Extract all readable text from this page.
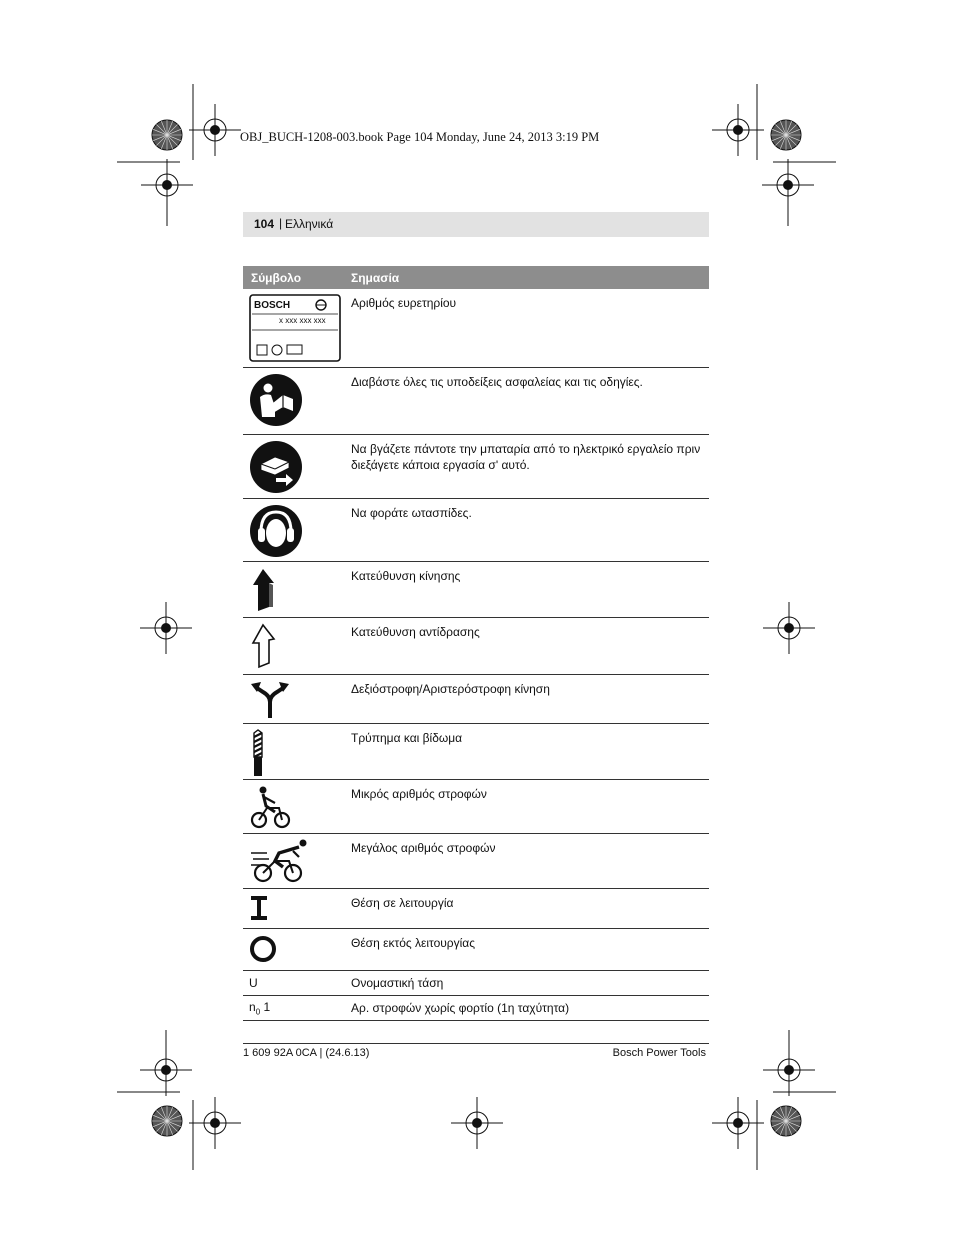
OBJ_BUCH-1208-003.book Page 104 Monday, June 24, 2013 3:19 PM
104 | Ελληνικά
Σύμβολο	Σημασία
BOSCH
x xxx xxx xxx
Αριθμός ευρετηρίου
Διαβάστε όλες τις υποδείξεις ασφαλείας και τις οδηγίες.
Να βγάζετε πάντοτε την μπαταρία από το ηλεκτρικό εργαλείο πριν διεξάγετε κάποια εργασία σ' αυτό.
Να φοράτε ωτασπίδες.
Κατεύθυνση κίνησης
Κατεύθυνση αντίδρασης
Δεξιόστροφη/Αριστερόστροφη κίνηση
Τρύπημα και βίδωμα
Μικρός αριθμός στροφών
Μεγάλος αριθμός στροφών
Θέση σε λειτουργία
Θέση εκτός λειτουργίας
U	Ονομαστική τάση
$n_0$ 1	Αρ. στροφών χωρίς φορτίο (1η ταχύτητα)
1 609 92A 0CA | (24.6.13)	Bosch Power Tools
